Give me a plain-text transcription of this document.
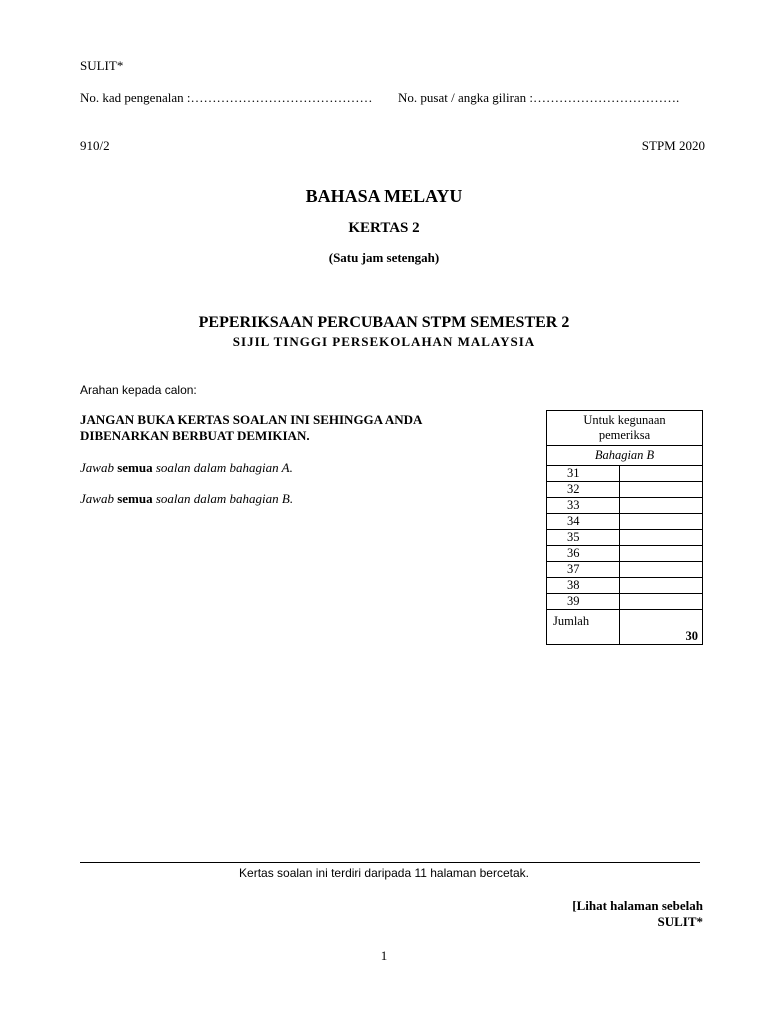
SULIT*
No. kad pengenalan :…………………………………… No. pusat / angka giliran :…………………………….
910/2	STPM 2020
BAHASA MELAYU
KERTAS 2
(Satu jam setengah)
PEPERIKSAAN PERCUBAAN STPM SEMESTER 2
SIJIL TINGGI PERSEKOLAHAN MALAYSIA
Arahan kepada calon:
JANGAN BUKA KERTAS SOALAN INI SEHINGGA ANDA
DIBENARKAN BERBUAT DEMIKIAN.
Jawab semua soalan dalam bahagian A.
Jawab semua soalan dalam bahagian B.
Untuk kegunaan
pemeriksa	
Bahagian B	
31	
32	
33	
34	
35	
36	
37	
38	
39	
Jumlah	30
Kertas soalan ini terdiri daripada 11 halaman bercetak.
[Lihat halaman sebelah
SULIT*
1
